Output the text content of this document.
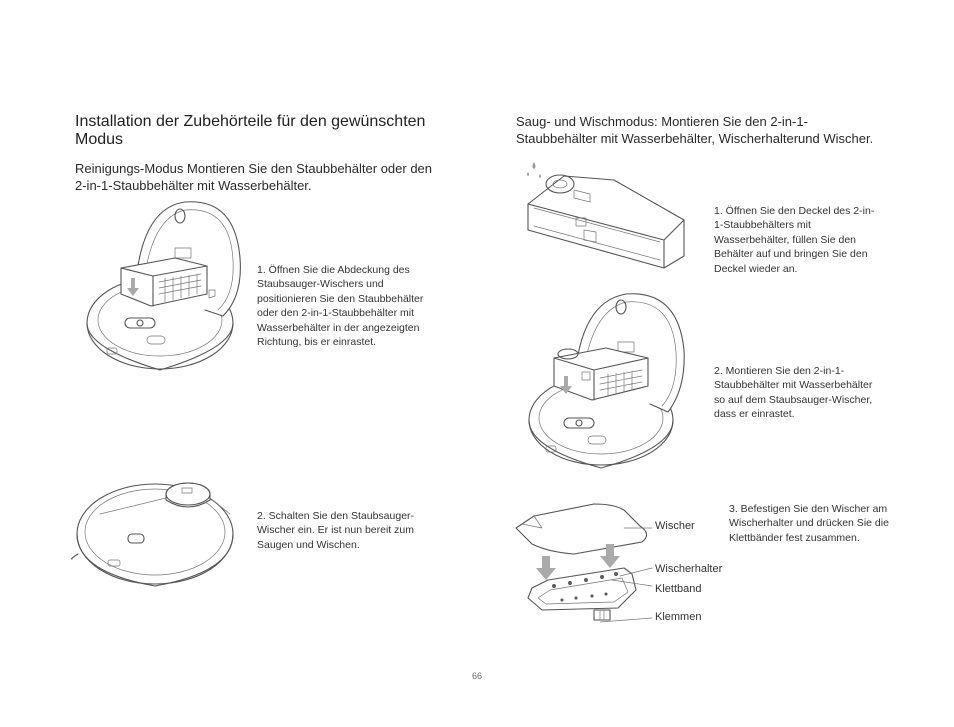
Installation der Zubehörteile für den gewünschten Modus
Reinigungs-Modus Montieren Sie den Staubbehälter oder den 2-in-1-Staubbehälter mit Wasserbehälter.
1. Öffnen Sie die Abdeckung des Staubsauger-Wischers und positionieren Sie den Staubbehälter oder den 2-in-1-Staubbehälter mit Wasserbehälter in der angezeigten Richtung, bis er einrastet.
2. Schalten Sie den Staubsauger-Wischer ein. Er ist nun bereit zum Saugen und Wischen.
Saug- und Wischmodus: Montieren Sie den 2-in-1-Staubbehälter mit Wasserbehälter, Wischerhalterund Wischer.
1. Öffnen Sie den Deckel des 2-in-1-Staubbehälters mit Wasserbehälter, füllen Sie den Behälter auf und bringen Sie den Deckel wieder an.
2. Montieren Sie den 2-in-1-Staubbehälter mit Wasserbehälter so auf dem Staubsauger-Wischer, dass er einrastet.
3. Befestigen Sie den Wischer am Wischerhalter und drücken Sie die Klettbänder fest zusammen.
Wischer
Wischerhalter
Klettband
Klemmen
66
